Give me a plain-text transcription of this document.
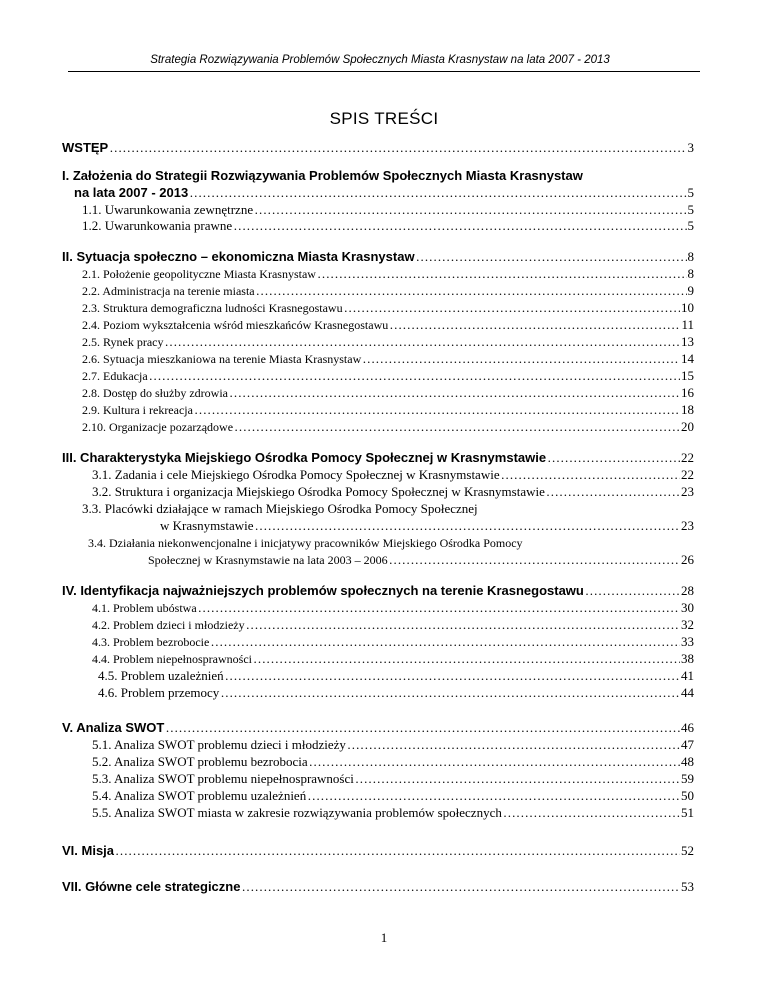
Strategia Rozwiązywania Problemów Społecznych Miasta Krasnystaw na lata 2007 - 2013
SPIS TREŚCI
WSTĘP ………………………………………………………………………………………………………………………………………………………………………………………	3
I. Założenia do Strategii Rozwiązywania Problemów Społecznych Miasta Krasnystaw
na lata 2007 - 2013 ………………………………………………………………………………………………………………………………………………………………………………………	5
1.1. Uwarunkowania zewnętrzne ………………………………………………………………………………………………………………………………………………………………………………………	5
1.2. Uwarunkowania prawne ………………………………………………………………………………………………………………………………………………………………………………………	5
II. Sytuacja społeczno – ekonomiczna Miasta Krasnystaw ………………………………………………………………………………………………………………………………………………………………………………………	8
2.1. Położenie geopolityczne Miasta Krasnystaw ………………………………………………………………………………………………………………………………………………………………………………………	8
2.2. Administracja na terenie miasta ………………………………………………………………………………………………………………………………………………………………………………………	9
2.3. Struktura demograficzna ludności Krasnegostawu ………………………………………………………………………………………………………………………………………………………………………………………	10
2.4. Poziom wykształcenia wśród mieszkańców Krasnegostawu ………………………………………………………………………………………………………………………………………………………………………………………	11
2.5. Rynek pracy ………………………………………………………………………………………………………………………………………………………………………………………	13
2.6. Sytuacja mieszkaniowa na terenie Miasta Krasnystaw ………………………………………………………………………………………………………………………………………………………………………………………	14
2.7. Edukacja ………………………………………………………………………………………………………………………………………………………………………………………	15
2.8. Dostęp do służby zdrowia ………………………………………………………………………………………………………………………………………………………………………………………	16
2.9. Kultura i rekreacja ………………………………………………………………………………………………………………………………………………………………………………………	18
2.10. Organizacje pozarządowe ………………………………………………………………………………………………………………………………………………………………………………………	20
III. Charakterystyka Miejskiego Ośrodka Pomocy Społecznej w Krasnymstawie ………………………………………………………………………………………………………………………………………………………………………………………	22
3.1. Zadania i cele Miejskiego Ośrodka Pomocy Społecznej w Krasnymstawie ………………………………………………………………………………………………………………………………………………………………………………………	22
3.2. Struktura i organizacja Miejskiego Ośrodka Pomocy Społecznej w Krasnymstawie ………………………………………………………………………………………………………………………………………………………………………………………	23
3.3. Placówki działające w ramach Miejskiego Ośrodka Pomocy Społecznej
w Krasnymstawie ………………………………………………………………………………………………………………………………………………………………………………………	23
3.4. Działania niekonwencjonalne i inicjatywy pracowników Miejskiego Ośrodka Pomocy
Społecznej w Krasnymstawie na lata 2003 – 2006 ………………………………………………………………………………………………………………………………………………………………………………………	26
IV. Identyfikacja najważniejszych problemów społecznych na terenie Krasnegostawu ………………………………………………………………………………………………………………………………………………………………………………………	28
4.1. Problem ubóstwa ………………………………………………………………………………………………………………………………………………………………………………………	30
4.2. Problem dzieci i młodzieży ………………………………………………………………………………………………………………………………………………………………………………………	32
4.3. Problem bezrobocie ………………………………………………………………………………………………………………………………………………………………………………………	33
4.4. Problem niepełnosprawności ………………………………………………………………………………………………………………………………………………………………………………………	38
4.5. Problem uzależnień ………………………………………………………………………………………………………………………………………………………………………………………	41
4.6. Problem przemocy ………………………………………………………………………………………………………………………………………………………………………………………	44
V. Analiza SWOT ………………………………………………………………………………………………………………………………………………………………………………………	46
5.1. Analiza SWOT problemu dzieci i młodzieży ………………………………………………………………………………………………………………………………………………………………………………………	47
5.2. Analiza SWOT problemu bezrobocia ………………………………………………………………………………………………………………………………………………………………………………………	48
5.3. Analiza SWOT problemu niepełnosprawności ………………………………………………………………………………………………………………………………………………………………………………………	59
5.4. Analiza SWOT problemu uzależnień ………………………………………………………………………………………………………………………………………………………………………………………	50
5.5. Analiza SWOT miasta w zakresie rozwiązywania problemów społecznych ………………………………………………………………………………………………………………………………………………………………………………………	51
VI. Misja ………………………………………………………………………………………………………………………………………………………………………………………	52
VII. Główne cele strategiczne ………………………………………………………………………………………………………………………………………………………………………………………	53
1
